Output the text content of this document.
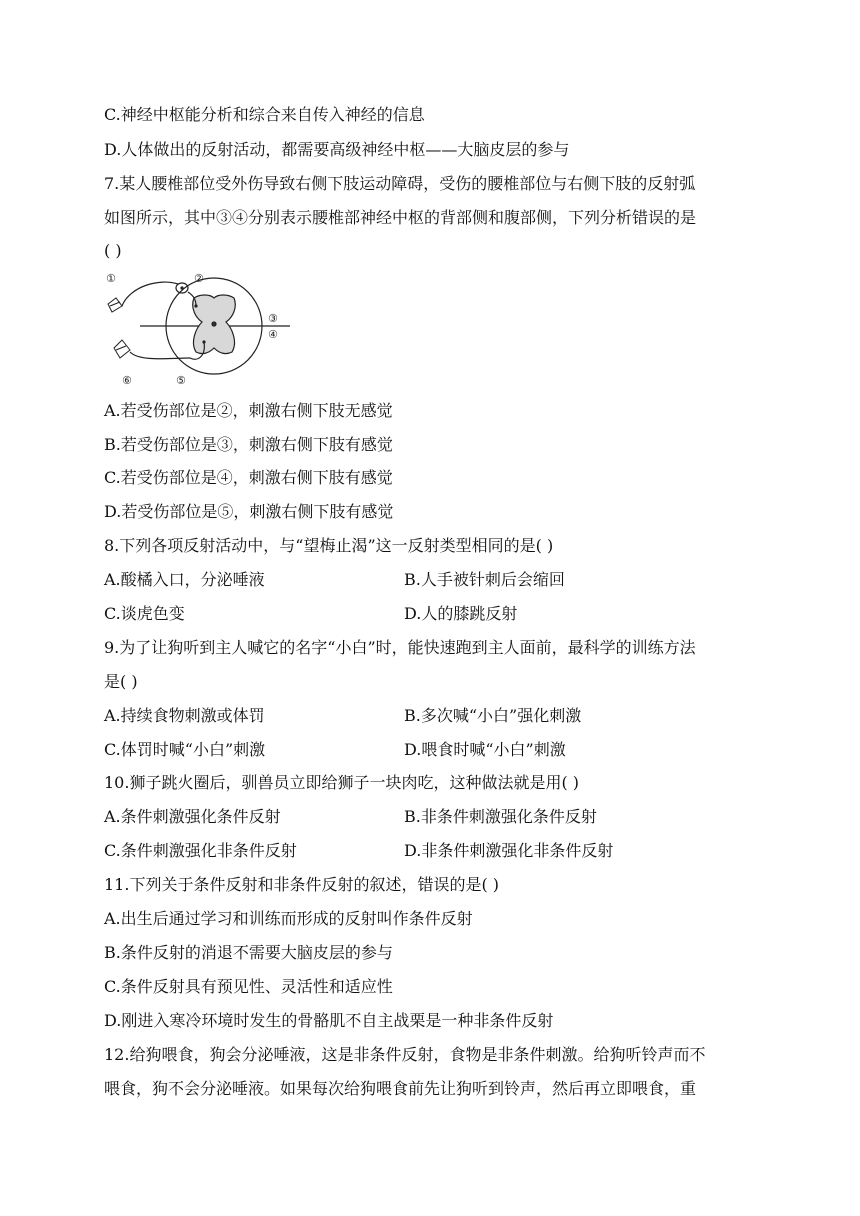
C.神经中枢能分析和综合来自传入神经的信息
D.人体做出的反射活动，都需要高级神经中枢——大脑皮层的参与
7.某人腰椎部位受外伤导致右侧下肢运动障碍，受伤的腰椎部位与右侧下肢的反射弧
如图所示，其中③④分别表示腰椎部神经中枢的背部侧和腹部侧，下列分析错误的是
( )
①	②
③
④
⑤
⑥
A.若受伤部位是②，刺激右侧下肢无感觉
B.若受伤部位是③，刺激右侧下肢有感觉
C.若受伤部位是④，刺激右侧下肢有感觉
D.若受伤部位是⑤，刺激右侧下肢有感觉
8.下列各项反射活动中，与“望梅止渴”这一反射类型相同的是( )
A.酸橘入口，分泌唾液	B.人手被针刺后会缩回
C.谈虎色变	D.人的膝跳反射
9.为了让狗听到主人喊它的名字“小白”时，能快速跑到主人面前，最科学的训练方法
是( )
A.持续食物刺激或体罚	B.多次喊“小白”强化刺激
C.体罚时喊“小白”刺激	D.喂食时喊“小白”刺激
10.狮子跳火圈后，驯兽员立即给狮子一块肉吃，这种做法就是用( )
A.条件刺激强化条件反射	B.非条件刺激强化条件反射
C.条件刺激强化非条件反射	D.非条件刺激强化非条件反射
11.下列关于条件反射和非条件反射的叙述，错误的是( )
A.出生后通过学习和训练而形成的反射叫作条件反射
B.条件反射的消退不需要大脑皮层的参与
C.条件反射具有预见性、灵活性和适应性
D.刚进入寒冷环境时发生的骨骼肌不自主战栗是一种非条件反射
12.给狗喂食，狗会分泌唾液，这是非条件反射，食物是非条件刺激。给狗听铃声而不
喂食，狗不会分泌唾液。如果每次给狗喂食前先让狗听到铃声，然后再立即喂食，重
